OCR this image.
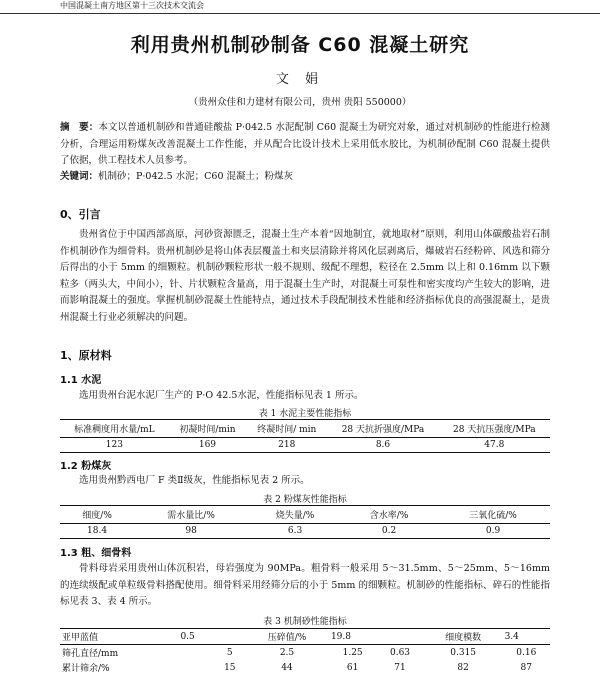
中国混凝土南方地区第十三次技术交流会
利用贵州机制砂制备 C60 混凝土研究
文 娟
（贵州众佳和力建材有限公司，贵州 贵阳 550000）
摘　要：本文以普通机制砂和普通硅酸盐 P·042.5 水泥配制 C60 混凝土为研究对象，通过对机制砂的性能进行检测分析，合理运用粉煤灰改善混凝土工作性能，并从配合比设计技术上采用低水胶比，为机制砂配制 C60 混凝土提供了依据，供工程技术人员参考。
关键词：机制砂；P·042.5 水泥；C60 混凝土；粉煤灰
0、引言
贵州省位于中国西部高原，河砂资源匮乏，混凝土生产本着“因地制宜，就地取材”原则，利用山体碳酸盐岩石制作机制砂作为细骨料。贵州机制砂是将山体表层覆盖土和夹层清除并将风化层剥离后，爆破岩石经粉碎、风选和筛分后得出的小于 5mm 的细颗粒。机制砂颗粒形状一般不规则、级配不理想，粒径在 2.5mm 以上和 0.16mm 以下颗粒多（两头大，中间小），针、片状颗粒含量高，用于混凝土生产时，对混凝土可泵性和密实度均产生较大的影响，进而影响混凝土的强度。掌握机制砂混凝土性能特点，通过技术手段配制技术性能和经济指标优良的高强混凝土，是贵州混凝土行业必须解决的问题。
1、原材料
1.1 水泥
选用贵州台泥水泥厂生产的 P·O 42.5水泥，性能指标见表 1 所示。
表 1 水泥主要性能指标
标准稠度用水量/mL	初凝时间/min	终凝时间/ min	28 天抗折强度/MPa	28 天抗压强度/MPa
123	169	218	8.6	47.8
1.2 粉煤灰
选用贵州黔西电厂 F 类Ⅱ级灰，性能指标见表 2 所示。
表 2 粉煤灰性能指标
细度/%	需水量比/%	烧失量/%	含水率/%	三氧化硫/%
18.4	98	6.3	0.2	0.9
1.3 粗、细骨料
骨料母岩采用贵州山体沉积岩，母岩强度为 90MPa。粗骨料一般采用 5～31.5mm、5～25mm、5～16mm 的连续级配或单粒级骨料搭配使用。细骨料采用经筛分后的小于 5mm 的细颗粒。机制砂的性能指标、碎石的性能指标见表 3、表 4 所示。
表 3 机制砂性能指标
亚甲蓝值	0.5		压碎值/%	19.8		细度模数	3.4
筛孔直径/mm		5	2.5	1.25	0.63	0.315	0.16
累计筛余/%		15	44	61	71	82	87
